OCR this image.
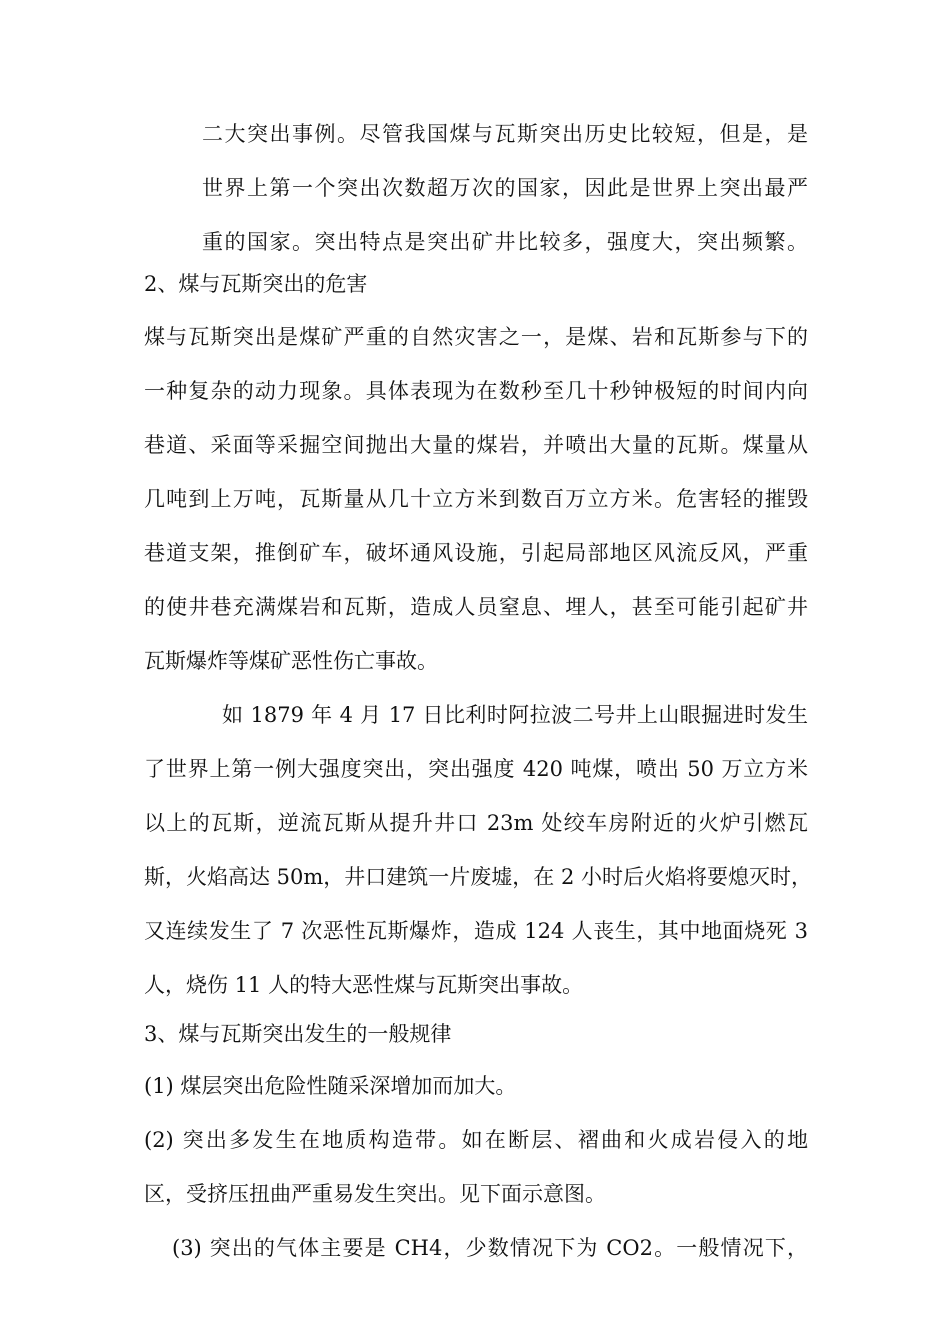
二大突出事例。尽管我国煤与瓦斯突出历史比较短，但是，是
世界上第一个突出次数超万次的国家，因此是世界上突出最严
重的国家。突出特点是突出矿井比较多，强度大，突出频繁。
2、煤与瓦斯突出的危害
煤与瓦斯突出是煤矿严重的自然灾害之一，是煤、岩和瓦斯参与下的
一种复杂的动力现象。具体表现为在数秒至几十秒钟极短的时间内向
巷道、采面等采掘空间抛出大量的煤岩，并喷出大量的瓦斯。煤量从
几吨到上万吨，瓦斯量从几十立方米到数百万立方米。危害轻的摧毁
巷道支架，推倒矿车，破坏通风设施，引起局部地区风流反风，严重
的使井巷充满煤岩和瓦斯，造成人员窒息、埋人，甚至可能引起矿井
瓦斯爆炸等煤矿恶性伤亡事故。
如 1879 年 4 月 17 日比利时阿拉波二号井上山眼掘进时发生
了世界上第一例大强度突出，突出强度 420 吨煤，喷出 50 万立方米
以上的瓦斯，逆流瓦斯从提升井口 23m 处绞车房附近的火炉引燃瓦
斯，火焰高达 50m，井口建筑一片废墟，在 2 小时后火焰将要熄灭时，
又连续发生了 7 次恶性瓦斯爆炸，造成 124 人丧生，其中地面烧死 3
人，烧伤 11 人的特大恶性煤与瓦斯突出事故。
3、煤与瓦斯突出发生的一般规律
(1) 煤层突出危险性随采深增加而加大。
(2) 突出多发生在地质构造带。如在断层、褶曲和火成岩侵入的地
区，受挤压扭曲严重易发生突出。见下面示意图。
(3) 突出的气体主要是 CH4，少数情况下为 CO2。一般情况下，
